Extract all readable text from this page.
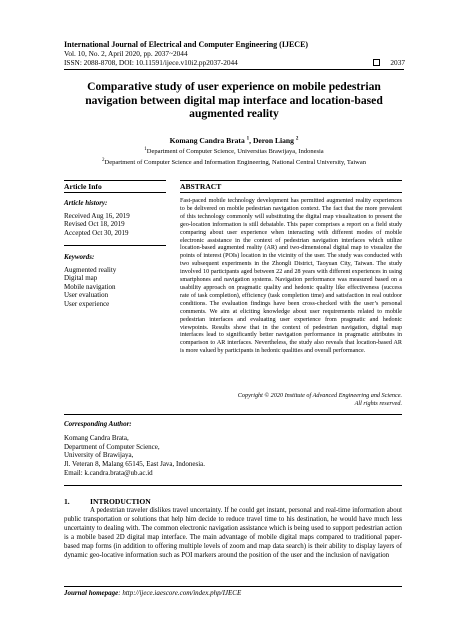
International Journal of Electrical and Computer Engineering (IJECE)
Vol. 10, No. 2, April 2020, pp. 2037~2044
ISSN: 2088-8708, DOI: 10.11591/ijece.v10i2.pp2037-2044	2037
Comparative study of user experience on mobile pedestrian navigation between digital map interface and location-based augmented reality
Komang Candra Brata $^1$, Deron Liang $^2$
$^1$Department of Computer Science, Universitas Brawijaya, Indonesia
$^2$Department of Computer Science and Information Engineering, National Central University, Taiwan
Article Info	ABSTRACT
Article history:
Received Aug 16, 2019
Revised Oct 18, 2019
Accepted Oct 30, 2019
Keywords:
Augmented reality
Digital map
Mobile navigation
User evaluation
User experience
Fast-paced mobile technology development has permitted augmented reality experiences to be delivered on mobile pedestrian navigation context. The fact that the more prevalent of this technology commonly will substituting the digital map visualization to present the geo-location information is still debatable. This paper comprises a report on a field study comparing about user experience when interacting with different modes of mobile electronic assistance in the context of pedestrian navigation interfaces which utilize location-based augmented reality (AR) and two-dimensional digital map to visualize the points of interest (POIs) location in the vicinity of the user. The study was conducted with two subsequent experiments in the Zhongli District, Taoyuan City, Taiwan. The study involved 10 participants aged between 22 and 28 years with different experiences in using smartphones and navigation systems. Navigation performance was measured based on a usability approach on pragmatic quality and hedonic quality like effectiveness (success rate of task completion), efficiency (task completion time) and satisfaction in real outdoor conditions. The evaluation findings have been cross-checked with the user’s personal comments. We aim at eliciting knowledge about user requirements related to mobile pedestrian interfaces and evaluating user experience from pragmatic and hedonic viewpoints. Results show that in the context of pedestrian navigation, digital map interfaces lead to significantly better navigation performance in pragmatic attributes in comparison to AR interfaces. Nevertheless, the study also reveals that location-based AR is more valued by participants in hedonic qualities and overall performance.
Copyright © 2020 Institute of Advanced Engineering and Science.
All rights reserved.
Corresponding Author:
Komang Candra Brata,
Department of Computer Science,
University of Brawijaya,
Jl. Veteran 8, Malang 65145, East Java, Indonesia.
Email: k.candra.brata@ub.ac.id
1.	INTRODUCTION
A pedestrian traveler dislikes travel uncertainty. If he could get instant, personal and real-time information about public transportation or solutions that help him decide to reduce travel time to his destination, he would have much less uncertainty to dealing with. The common electronic navigation assistance which is being used to support pedestrian action is a mobile based 2D digital map interface. The main advantage of mobile digital maps compared to traditional paper-based map forms (in addition to offering multiple levels of zoom and map data search) is their ability to display layers of dynamic geo-locative information such as POI markers around the position of the user and the inclusion of navigation
Journal homepage: http://ijece.iaescore.com/index.php/IJECE
